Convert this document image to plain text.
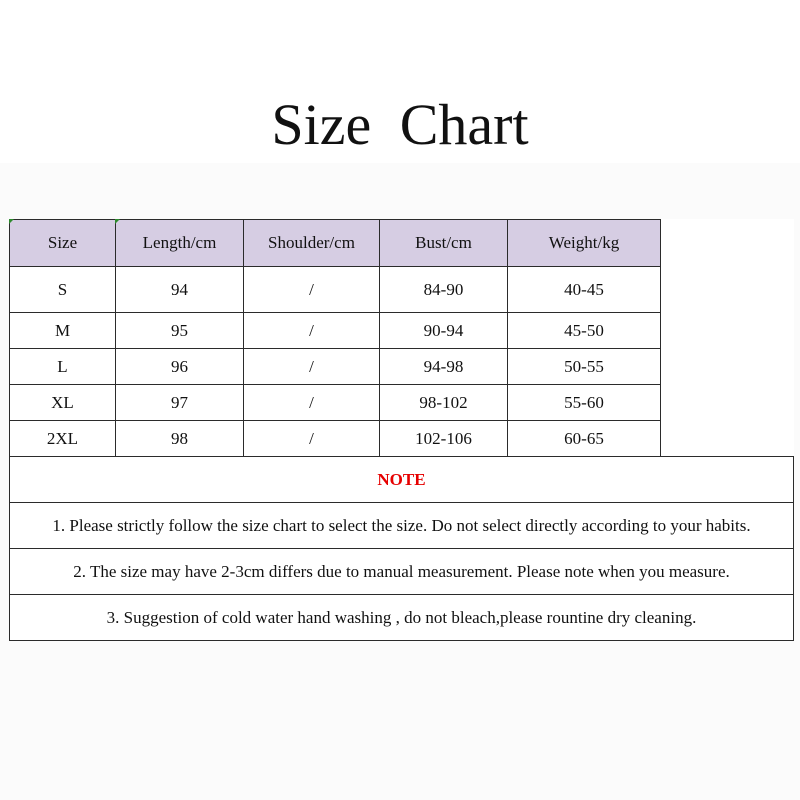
Size Chart
Size	Length/cm	Shoulder/cm	Bust/cm	Weight/kg	
S	94	/	84-90	40-45	
M	95	/	90-94	45-50	
L	96	/	94-98	50-55	
XL	97	/	98-102	55-60	
2XL	98	/	102-106	60-65	
NOTE					
1. Please strictly follow the size chart to select the size. Do not select directly according to your habits.					
2. The size may have 2-3cm differs due to manual measurement. Please note when you measure.					
3. Suggestion of cold water hand washing , do not bleach,please rountine dry cleaning.					
